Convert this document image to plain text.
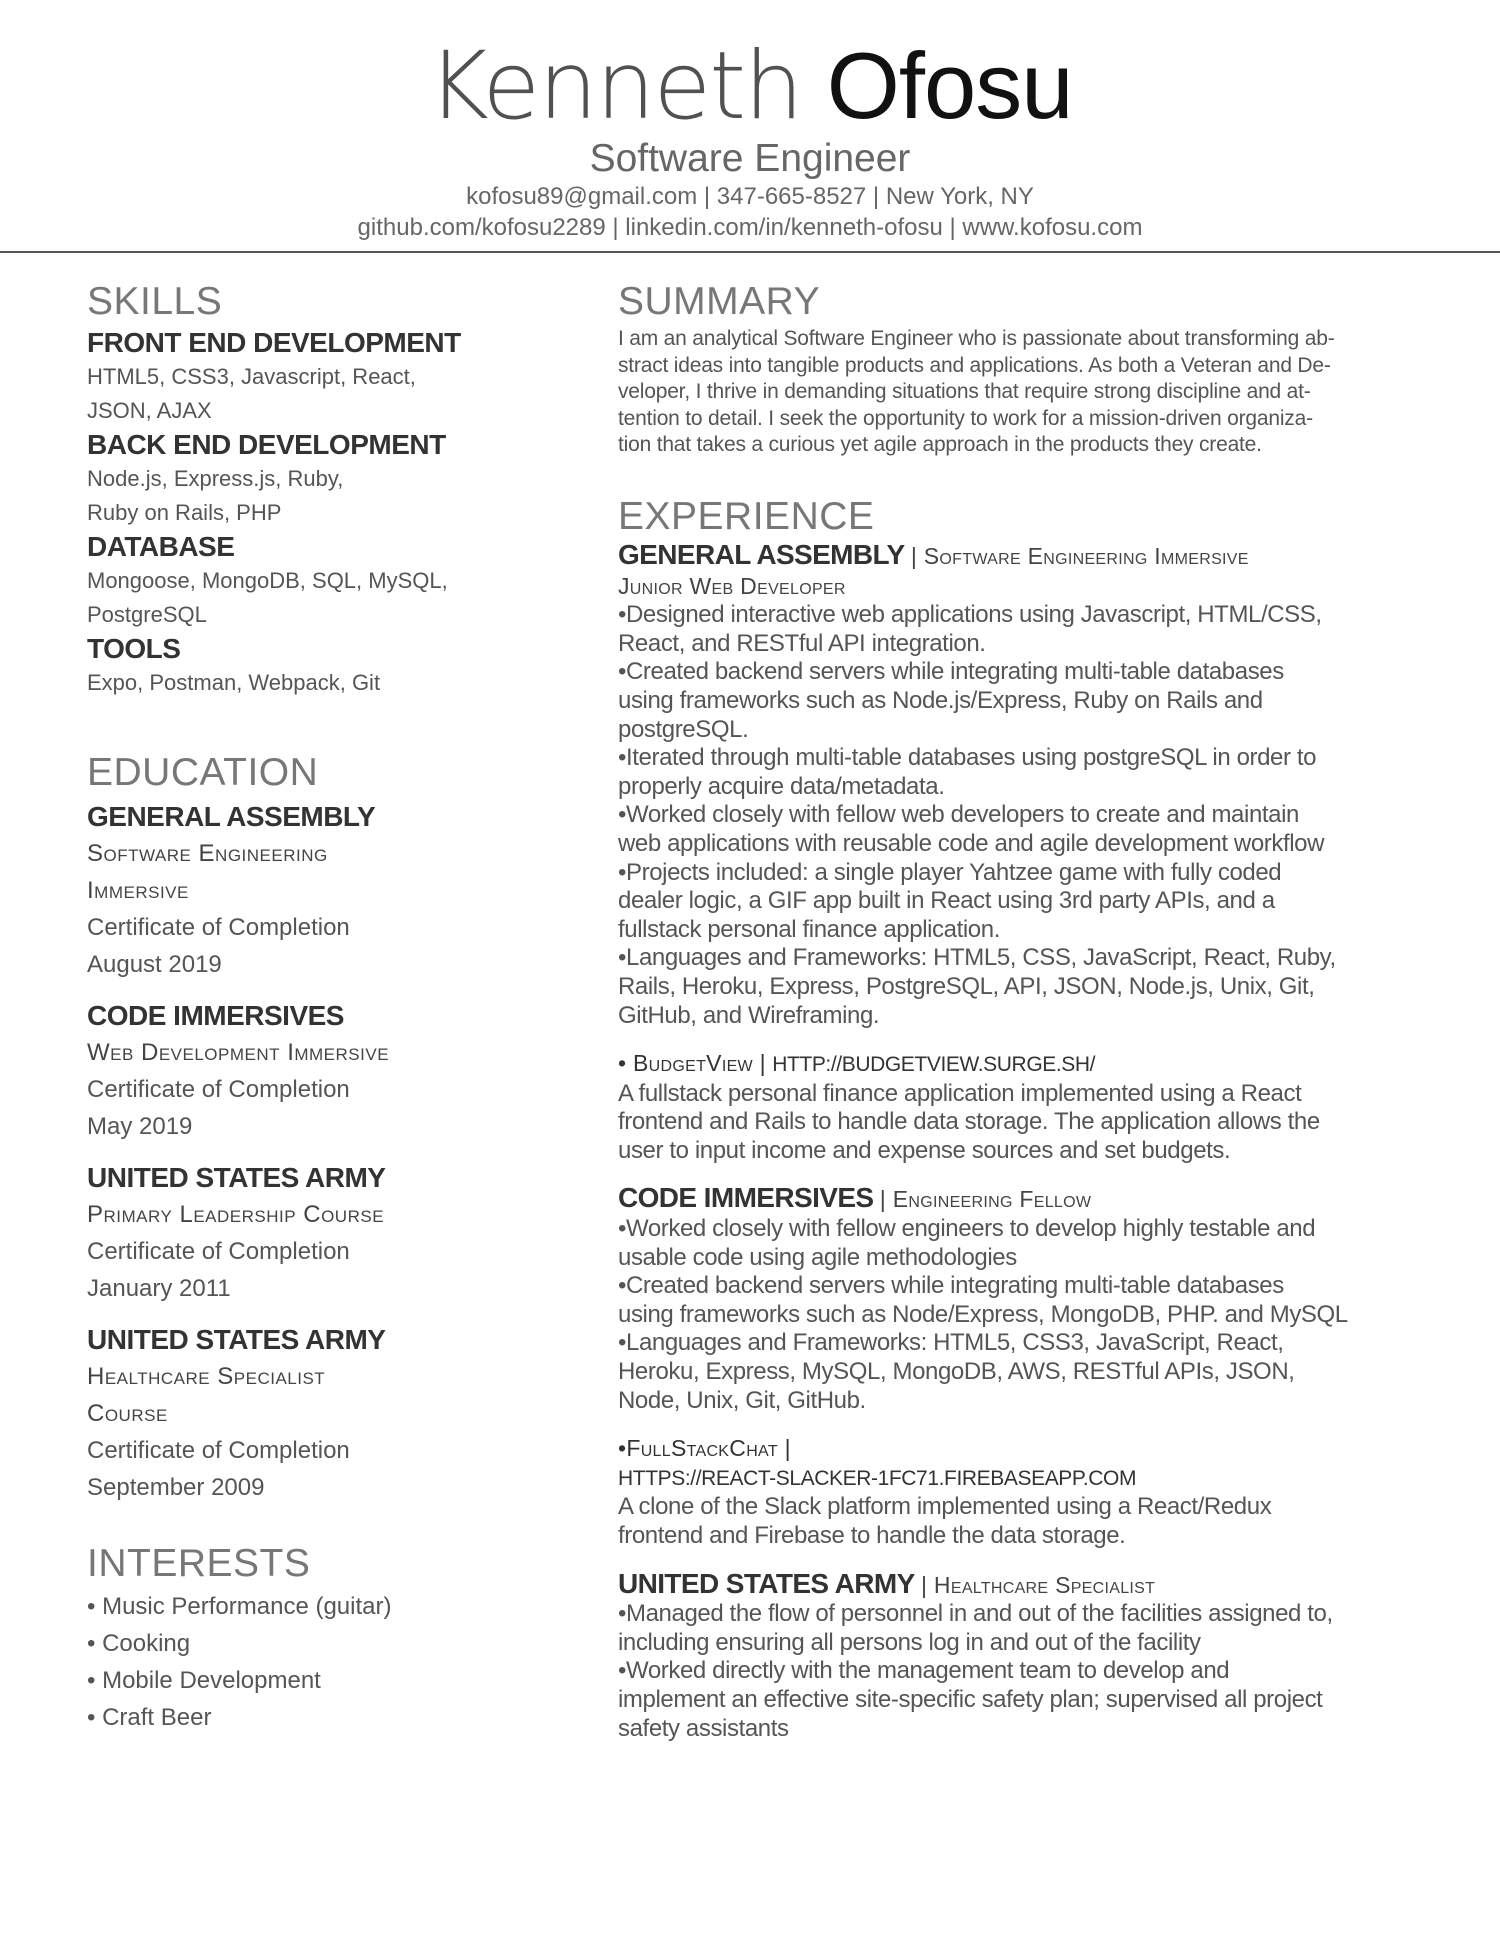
Kenneth Ofosu
Software Engineer
kofosu89@gmail.com | 347-665-8527 | New York, NY
github.com/kofosu2289 | linkedin.com/in/kenneth-ofosu | www.kofosu.com
SKILLS
FRONT END DEVELOPMENT
HTML5, CSS3, Javascript, React,
JSON, AJAX
BACK END DEVELOPMENT
Node.js, Express.js, Ruby,
Ruby on Rails, PHP
DATABASE
Mongoose, MongoDB, SQL, MySQL,
PostgreSQL
TOOLS
Expo, Postman, Webpack, Git
EDUCATION
GENERAL ASSEMBLY
Software Engineering
Immersive
Certificate of Completion
August 2019
CODE IMMERSIVES
Web Development Immersive
Certificate of Completion
May 2019
UNITED STATES ARMY
Primary Leadership Course
Certificate of Completion
January 2011
UNITED STATES ARMY
Healthcare Specialist
Course
Certificate of Completion
September 2009
INTERESTS
• Music Performance (guitar)
• Cooking
• Mobile Development
• Craft Beer
SUMMARY
I am an analytical Software Engineer who is passionate about transforming ab-
stract ideas into tangible products and applications. As both a Veteran and De-
veloper, I thrive in demanding situations that require strong discipline and at-
tention to detail. I seek the opportunity to work for a mission-driven organiza-
tion that takes a curious yet agile approach in the products they create.
EXPERIENCE
GENERAL ASSEMBLY | Software Engineering Immersive
Junior Web Developer
•Designed interactive web applications using Javascript, HTML/CSS,
React, and RESTful API integration.
•Created backend servers while integrating multi-table databases
using frameworks such as Node.js/Express, Ruby on Rails and
postgreSQL.
•Iterated through multi-table databases using postgreSQL in order to
properly acquire data/metadata.
•Worked closely with fellow web developers to create and maintain
web applications with reusable code and agile development workflow
•Projects included: a single player Yahtzee game with fully coded
dealer logic, a GIF app built in React using 3rd party APIs, and a
fullstack personal finance application.
•Languages and Frameworks: HTML5, CSS, JavaScript, React, Ruby,
Rails, Heroku, Express, PostgreSQL, API, JSON, Node.js, Unix, Git,
GitHub, and Wireframing.
• BudgetView | HTTP://BUDGETVIEW.SURGE.SH/
A fullstack personal finance application implemented using a React
frontend and Rails to handle data storage. The application allows the
user to input income and expense sources and set budgets.
CODE IMMERSIVES | Engineering Fellow
•Worked closely with fellow engineers to develop highly testable and
usable code using agile methodologies
•Created backend servers while integrating multi-table databases
using frameworks such as Node/Express, MongoDB, PHP. and MySQL
•Languages and Frameworks: HTML5, CSS3, JavaScript, React,
Heroku, Express, MySQL, MongoDB, AWS, RESTful APIs, JSON,
Node, Unix, Git, GitHub.
•FullStackChat |
HTTPS://REACT-SLACKER-1FC71.FIREBASEAPP.COM
A clone of the Slack platform implemented using a React/Redux
frontend and Firebase to handle the data storage.
UNITED STATES ARMY | Healthcare Specialist
•Managed the flow of personnel in and out of the facilities assigned to,
including ensuring all persons log in and out of the facility
•Worked directly with the management team to develop and
implement an effective site-specific safety plan; supervised all project
safety assistants
